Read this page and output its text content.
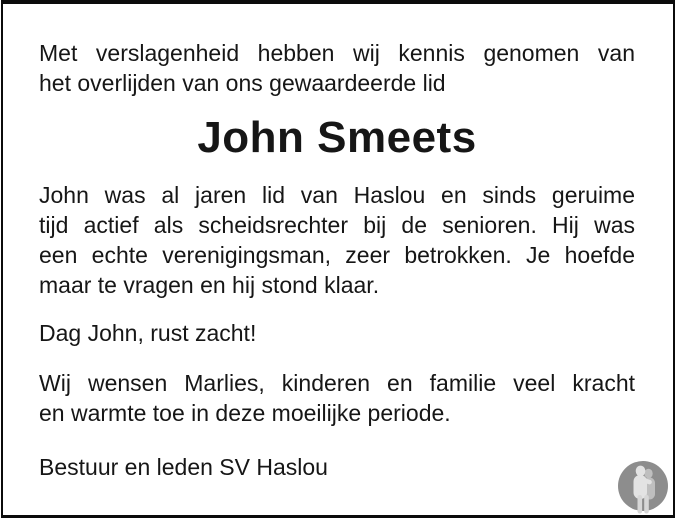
Met verslagenheid hebben wij kennis genomen van
het overlijden van ons gewaardeerde lid
John Smeets
John was al jaren lid van Haslou en sinds geruime
tijd actief als scheidsrechter bij de senioren. Hij was
een echte verenigingsman, zeer betrokken. Je hoefde
maar te vragen en hij stond klaar.
Dag John, rust zacht!
Wij wensen Marlies, kinderen en familie veel kracht
en warmte toe in deze moeilijke periode.
Bestuur en leden SV Haslou
